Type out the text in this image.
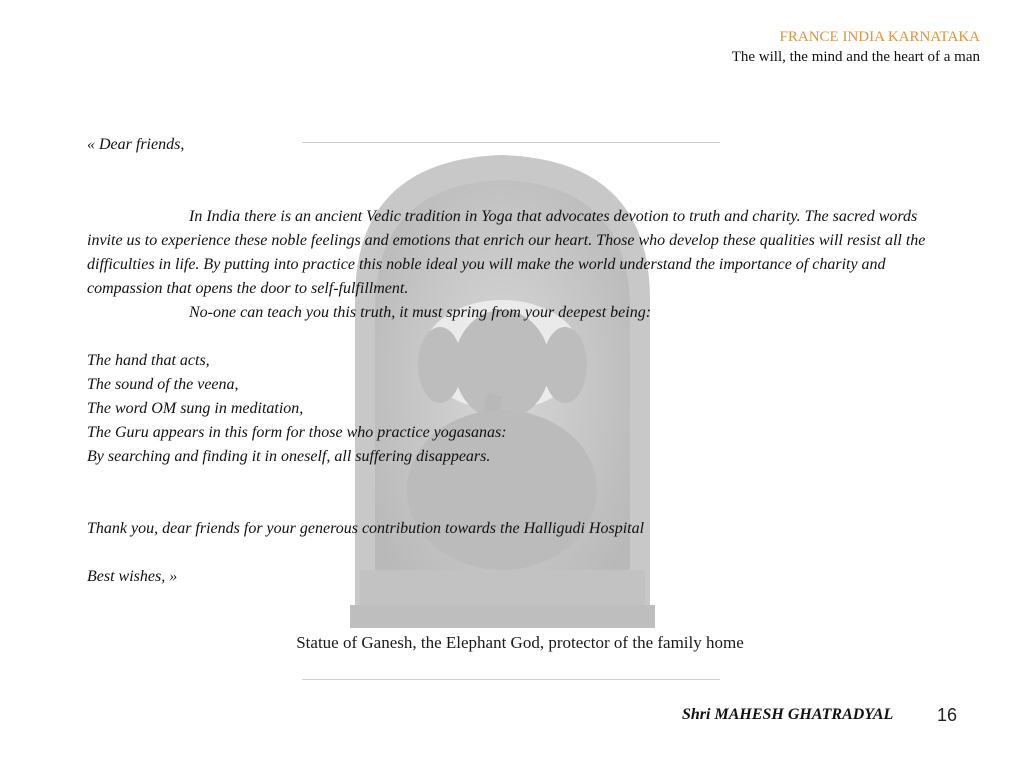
FRANCE INDIA KARNATAKA
The will, the mind and the heart of a man

« Dear friends,

In India there is an ancient Vedic tradition in Yoga that advocates devotion to truth and charity. The sacred words invite us to experience these noble feelings and emotions that enrich our heart. Those who develop these qualities will resist all the difficulties in life. By putting into practice this noble ideal you will make the world understand the importance of charity and compassion that opens the door to self-fulfillment.

No-one can teach you this truth, it must spring from your deepest being:

The hand that acts,

The sound of the veena,

The word OM sung in meditation,

The Guru appears in this form for those who practice yogasanas:

By searching and finding it in oneself, all suffering disappears.

Thank you, dear friends for your generous contribution towards the Halligudi Hospital

Best wishes, »

Statue of Ganesh, the Elephant God, protector of the family home
Shri MAHESH GHATRADYAL 16
